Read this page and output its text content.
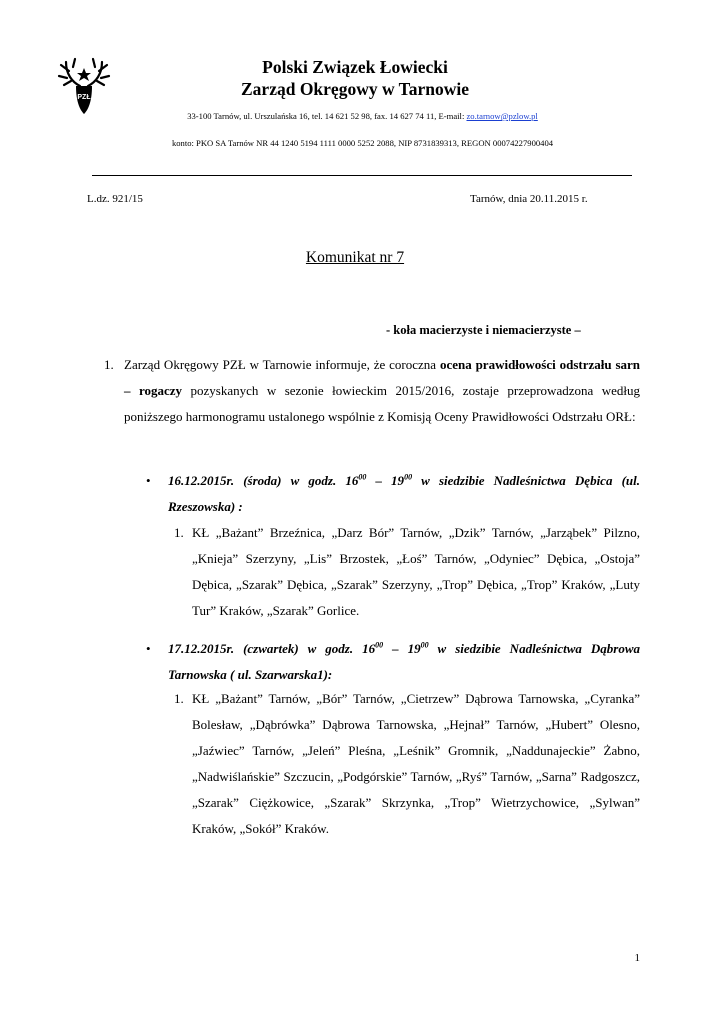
PZŁ
Polski Związek Łowiecki
Zarząd Okręgowy w Tarnowie
33-100 Tarnów, ul. Urszulańska 16, tel. 14 621 52 98, fax. 14 627 74 11, E-mail: zo.tarnow@pzlow.pl
konto: PKO SA Tarnów NR 44 1240 5194 1111 0000 5252 2088, NIP 8731839313, REGON 00074227900404
L.dz. 921/15	Tarnów, dnia 20.11.2015 r.
Komunikat nr 7
- koła macierzyste i niemacierzyste –
1. Zarząd Okręgowy PZŁ w Tarnowie informuje, że coroczna ocena prawidłowości odstrzału sarn – rogaczy pozyskanych w sezonie łowieckim 2015/2016, zostaje przeprowadzona według poniższego harmonogramu ustalonego wspólnie z Komisją Oceny Prawidłowości Odstrzału ORŁ:
• 16.12.2015r. (środa) w godz. $16^{00} - 19^{00}$ w siedzibie Nadleśnictwa Dębica (ul. Rzeszowska) :
1. KŁ „Bażant” Brzeźnica, „Darz Bór” Tarnów, „Dzik” Tarnów, „Jarząbek” Pilzno, „Knieja” Szerzyny, „Lis” Brzostek, „Łoś” Tarnów, „Odyniec” Dębica, „Ostoja” Dębica, „Szarak” Dębica, „Szarak” Szerzyny, „Trop” Dębica, „Trop” Kraków, „Luty Tur” Kraków, „Szarak” Gorlice.
• 17.12.2015r. (czwartek) w godz. $16^{00} - 19^{00}$ w siedzibie Nadleśnictwa Dąbrowa Tarnowska ( ul. Szarwarska1):
1. KŁ „Bażant” Tarnów, „Bór” Tarnów, „Cietrzew” Dąbrowa Tarnowska, „Cyranka” Bolesław, „Dąbrówka” Dąbrowa Tarnowska, „Hejnał” Tarnów, „Hubert” Olesno, „Jaźwiec” Tarnów, „Jeleń” Pleśna, „Leśnik” Gromnik, „Naddunajeckie” Żabno, „Nadwiślańskie” Szczucin, „Podgórskie” Tarnów, „Ryś” Tarnów, „Sarna” Radgoszcz, „Szarak” Ciężkowice, „Szarak” Skrzynka, „Trop” Wietrzychowice, „Sylwan” Kraków, „Sokół” Kraków.
1
